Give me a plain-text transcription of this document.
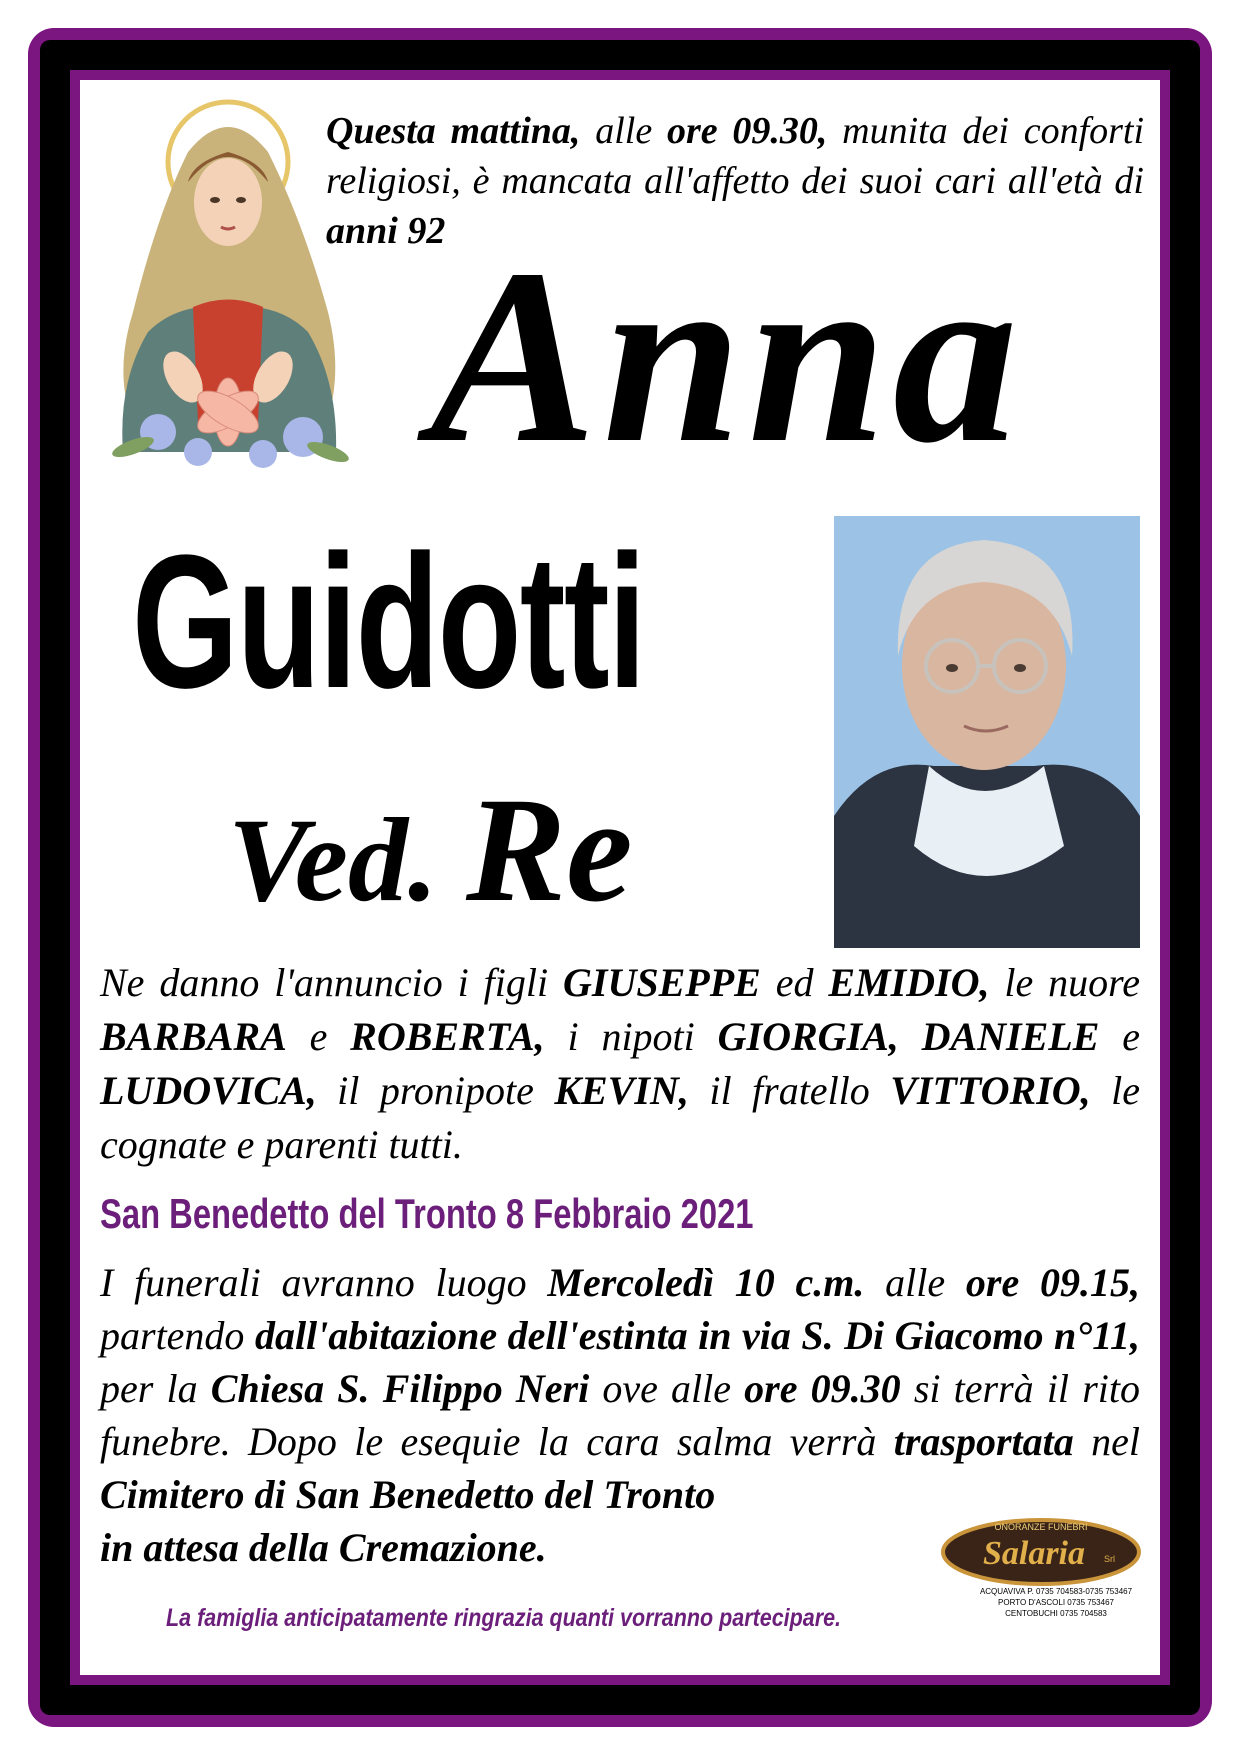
Questa mattina, alle ore 09.30, munita dei conforti religiosi, è mancata all'affetto dei suoi cari all'età di anni 92
Anna
Guidotti
Ved. Re
Ne danno l'annuncio i figli GIUSEPPE ed EMIDIO, le nuore BARBARA e ROBERTA, i nipoti GIORGIA, DANIELE e LUDOVICA, il pronipote KEVIN, il fratello VITTORIO, le cognate e parenti tutti.
San Benedetto del Tronto 8 Febbraio 2021
I funerali avranno luogo Mercoledì 10 c.m. alle ore 09.15, partendo dall'abitazione dell'estinta in via S. Di Giacomo n°11, per la Chiesa S. Filippo Neri ove alle ore 09.30 si terrà il rito funebre. Dopo le esequie la cara salma verrà trasportata nel Cimitero di San Benedetto del Tronto
in attesa della Cremazione.
La famiglia anticipatamente ringrazia quanti vorranno partecipare.
ONORANZE FUNEBRI
Salaria Srl
ACQUAVIVA P. 0735 704583-0735 753467
PORTO D'ASCOLI 0735 753467
CENTOBUCHI 0735 704583
